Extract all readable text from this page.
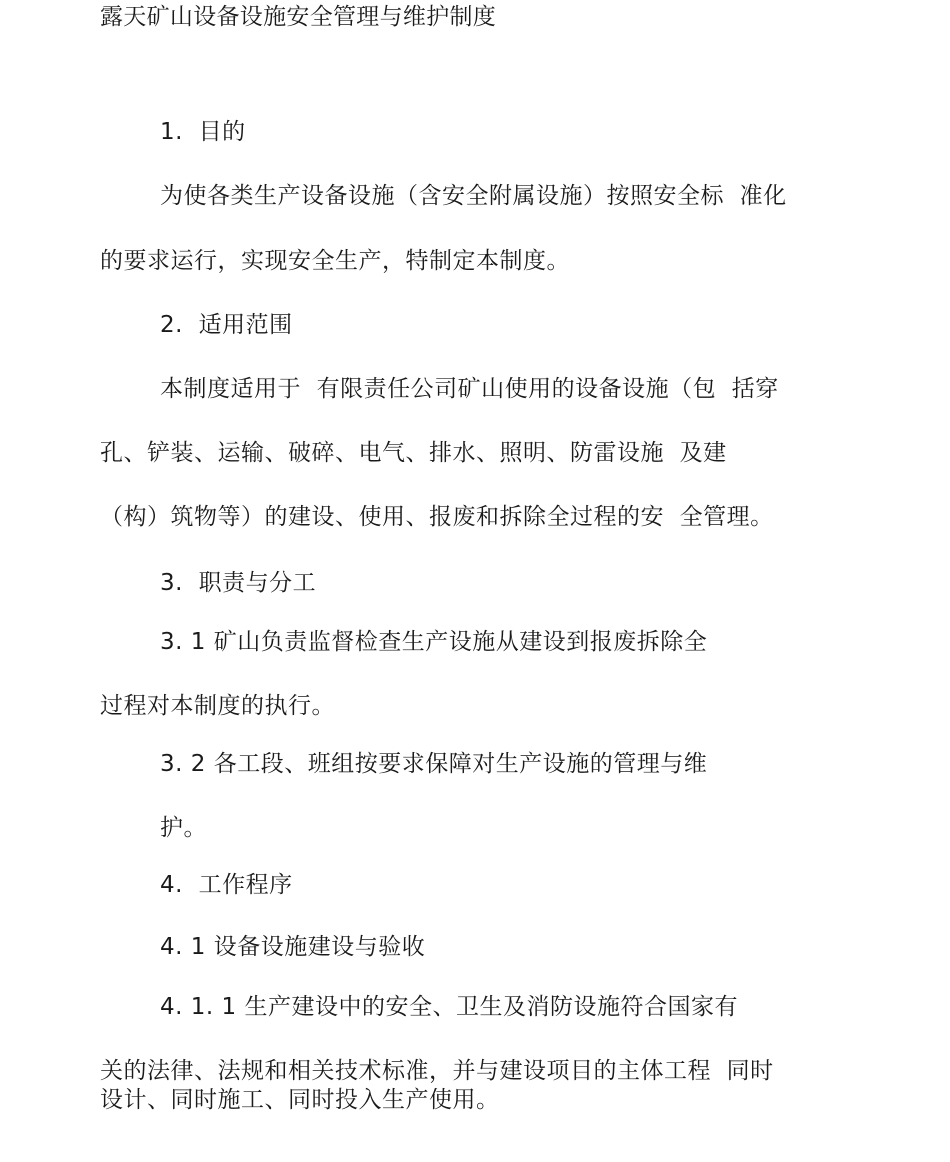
露天矿山设备设施安全管理与维护制度
1.  目的
为使各类生产设备设施（含安全附属设施）按照安全标  准化
的要求运行，实现安全生产，特制定本制度。
2.  适用范围
本制度适用于  有限责任公司矿山使用的设备设施（包  括穿
孔、铲装、运输、破碎、电气、排水、照明、防雷设施  及建
（构）筑物等）的建设、使用、报废和拆除全过程的安  全管理。
3.  职责与分工
3. 1 矿山负责监督检查生产设施从建设到报废拆除全
过程对本制度的执行。
3. 2 各工段、班组按要求保障对生产设施的管理与维
护。
4.  工作程序
4. 1 设备设施建设与验收
4. 1. 1 生产建设中的安全、卫生及消防设施符合国家有
关的法律、法规和相关技术标准，并与建设项目的主体工程  同时
设计、同时施工、同时投入生产使用。
